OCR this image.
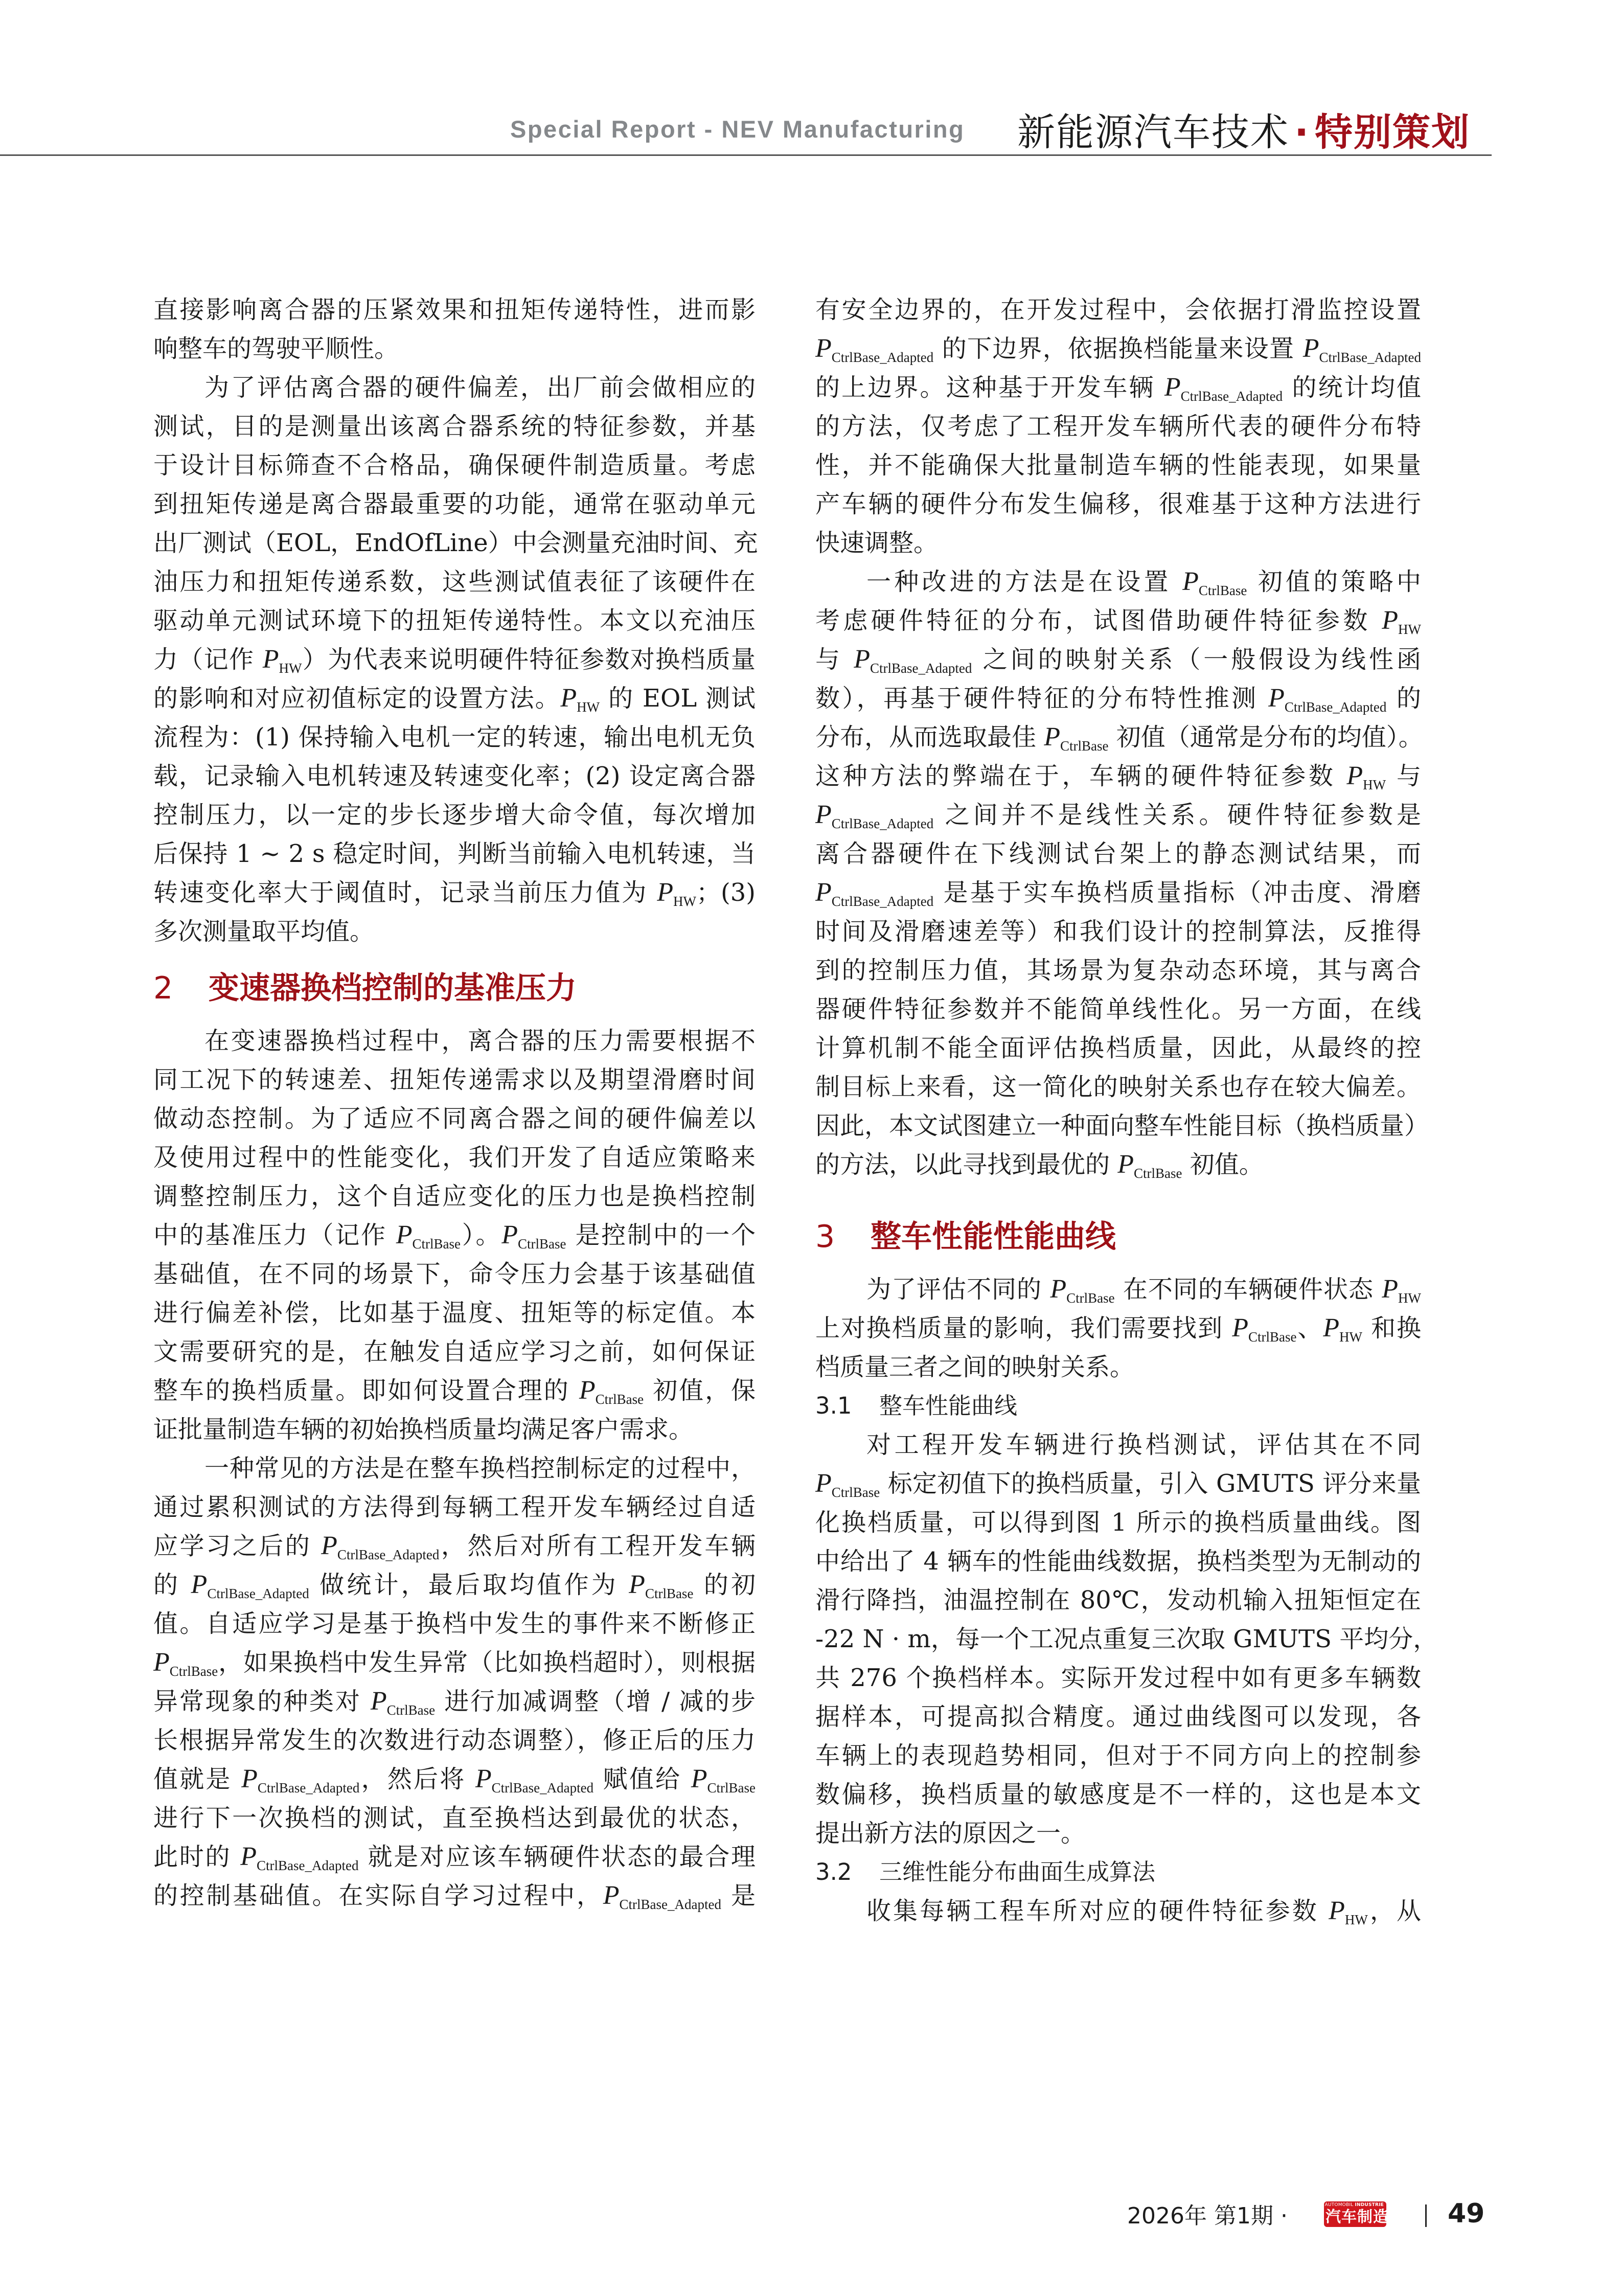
Special Report - NEV Manufacturing 新能源汽车技术 · 特别策划
直接影响离合器的压紧效果和扭矩传递特性，进而影
响整车的驾驶平顺性。
为了评估离合器的硬件偏差，出厂前会做相应的
测试，目的是测量出该离合器系统的特征参数，并基
于设计目标筛查不合格品，确保硬件制造质量。考虑
到扭矩传递是离合器最重要的功能，通常在驱动单元
出厂测试（EOL，EndOfLine）中会测量充油时间、充
油压力和扭矩传递系数，这些测试值表征了该硬件在
驱动单元测试环境下的扭矩传递特性。本文以充油压
力（记作 $P_{HW}$）为代表来说明硬件特征参数对换档质量
的影响和对应初值标定的设置方法。$P_{HW}$ 的 EOL 测试
流程为：(1) 保持输入电机一定的转速，输出电机无负
载，记录输入电机转速及转速变化率；(2) 设定离合器
控制压力，以一定的步长逐步增大命令值，每次增加
后保持 1 ~ 2 s 稳定时间，判断当前输入电机转速，当
转速变化率大于阈值时，记录当前压力值为 $P_{HW}$；(3)
多次测量取平均值。
2 变速器换档控制的基准压力
在变速器换档过程中，离合器的压力需要根据不
同工况下的转速差、扭矩传递需求以及期望滑磨时间
做动态控制。为了适应不同离合器之间的硬件偏差以
及使用过程中的性能变化，我们开发了自适应策略来
调整控制压力，这个自适应变化的压力也是换档控制
中的基准压力（记作 $P_{CtrlBase}$）。$P_{CtrlBase}$ 是控制中的一个
基础值，在不同的场景下，命令压力会基于该基础值
进行偏差补偿，比如基于温度、扭矩等的标定值。本
文需要研究的是，在触发自适应学习之前，如何保证
整车的换档质量。即如何设置合理的 $P_{CtrlBase}$ 初值，保
证批量制造车辆的初始换档质量均满足客户需求。
一种常见的方法是在整车换档控制标定的过程中，
通过累积测试的方法得到每辆工程开发车辆经过自适
应学习之后的 $P_{CtrlBase\_Adapted}$，然后对所有工程开发车辆
的 $P_{CtrlBase\_Adapted}$ 做统计，最后取均值作为 $P_{CtrlBase}$ 的初
值。自适应学习是基于换档中发生的事件来不断修正
$P_{CtrlBase}$，如果换档中发生异常（比如换档超时），则根据
异常现象的种类对 $P_{CtrlBase}$ 进行加减调整（增 / 减的步
长根据异常发生的次数进行动态调整），修正后的压力
值就是 $P_{CtrlBase\_Adapted}$，然后将 $P_{CtrlBase\_Adapted}$ 赋值给 $P_{CtrlBase}$
进行下一次换档的测试，直至换档达到最优的状态，
此时的 $P_{CtrlBase\_Adapted}$ 就是对应该车辆硬件状态的最合理
的控制基础值。在实际自学习过程中，$P_{CtrlBase\_Adapted}$ 是
有安全边界的，在开发过程中，会依据打滑监控设置
$P_{CtrlBase\_Adapted}$ 的下边界，依据换档能量来设置 $P_{CtrlBase\_Adapted}$
的上边界。这种基于开发车辆 $P_{CtrlBase\_Adapted}$ 的统计均值
的方法，仅考虑了工程开发车辆所代表的硬件分布特
性，并不能确保大批量制造车辆的性能表现，如果量
产车辆的硬件分布发生偏移，很难基于这种方法进行
快速调整。
一种改进的方法是在设置 $P_{CtrlBase}$ 初值的策略中
考虑硬件特征的分布，试图借助硬件特征参数 $P_{HW}$
与 $P_{CtrlBase\_Adapted}$ 之间的映射关系（一般假设为线性函
数），再基于硬件特征的分布特性推测 $P_{CtrlBase\_Adapted}$ 的
分布，从而选取最佳 $P_{CtrlBase}$ 初值（通常是分布的均值）。
这种方法的弊端在于，车辆的硬件特征参数 $P_{HW}$ 与
$P_{CtrlBase\_Adapted}$ 之间并不是线性关系。硬件特征参数是
离合器硬件在下线测试台架上的静态测试结果，而
$P_{CtrlBase\_Adapted}$ 是基于实车换档质量指标（冲击度、滑磨
时间及滑磨速差等）和我们设计的控制算法，反推得
到的控制压力值，其场景为复杂动态环境，其与离合
器硬件特征参数并不能简单线性化。另一方面，在线
计算机制不能全面评估换档质量，因此，从最终的控
制目标上来看，这一简化的映射关系也存在较大偏差。
因此，本文试图建立一种面向整车性能目标（换档质量）
的方法，以此寻找到最优的 $P_{CtrlBase}$ 初值。
3 整车性能性能曲线
为了评估不同的 $P_{CtrlBase}$ 在不同的车辆硬件状态 $P_{HW}$
上对换档质量的影响，我们需要找到 $P_{CtrlBase}$、$P_{HW}$ 和换
档质量三者之间的映射关系。
3.1 整车性能曲线
对工程开发车辆进行换档测试，评估其在不同
$P_{CtrlBase}$ 标定初值下的换档质量，引入 GMUTS 评分来量
化换档质量，可以得到图 1 所示的换档质量曲线。图
中给出了 4 辆车的性能曲线数据，换档类型为无制动的
滑行降挡，油温控制在 80℃，发动机输入扭矩恒定在
-22 N · m，每一个工况点重复三次取 GMUTS 平均分，
共 276 个换档样本。实际开发过程中如有更多车辆数
据样本，可提高拟合精度。通过曲线图可以发现，各
车辆上的表现趋势相同，但对于不同方向上的控制参
数偏移，换档质量的敏感度是不一样的，这也是本文
提出新方法的原因之一。
3.2 三维性能分布曲面生成算法
收集每辆工程车所对应的硬件特征参数 $P_{HW}$，从
2026年 第1期 ·	AUTOMOBIL INDUSTRIE
汽车制造业 49
